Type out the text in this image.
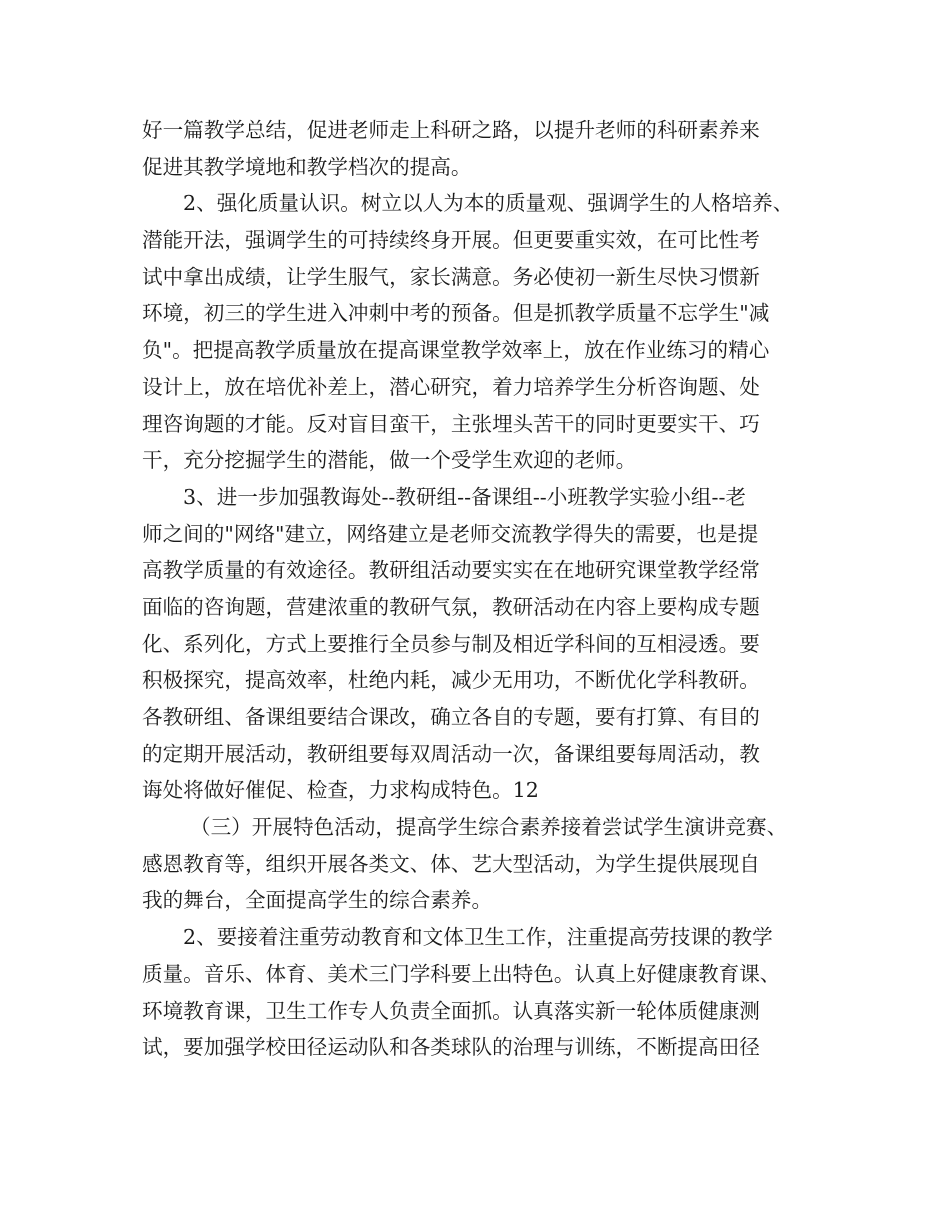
好一篇教学总结，促进老师走上科研之路，以提升老师的科研素养来
促进其教学境地和教学档次的提高。
2、强化质量认识。树立以人为本的质量观、强调学生的人格培养、
潜能开法，强调学生的可持续终身开展。但更要重实效，在可比性考
试中拿出成绩，让学生服气，家长满意。务必使初一新生尽快习惯新
环境，初三的学生进入冲刺中考的预备。但是抓教学质量不忘学生"减
负"。把提高教学质量放在提高课堂教学效率上，放在作业练习的精心
设计上，放在培优补差上，潜心研究，着力培养学生分析咨询题、处
理咨询题的才能。反对盲目蛮干，主张埋头苦干的同时更要实干、巧
干，充分挖掘学生的潜能，做一个受学生欢迎的老师。
3、进一步加强教诲处--教研组--备课组--小班教学实验小组--老
师之间的"网络"建立，网络建立是老师交流教学得失的需要，也是提
高教学质量的有效途径。教研组活动要实实在在地研究课堂教学经常
面临的咨询题，营建浓重的教研气氛，教研活动在内容上要构成专题
化、系列化，方式上要推行全员参与制及相近学科间的互相浸透。要
积极探究，提高效率，杜绝内耗，减少无用功，不断优化学科教研。
各教研组、备课组要结合课改，确立各自的专题，要有打算、有目的
的定期开展活动，教研组要每双周活动一次，备课组要每周活动，教
诲处将做好催促、检查，力求构成特色。12
（三）开展特色活动，提高学生综合素养接着尝试学生演讲竞赛、
感恩教育等，组织开展各类文、体、艺大型活动，为学生提供展现自
我的舞台，全面提高学生的综合素养。
2、要接着注重劳动教育和文体卫生工作，注重提高劳技课的教学
质量。音乐、体育、美术三门学科要上出特色。认真上好健康教育课、
环境教育课，卫生工作专人负责全面抓。认真落实新一轮体质健康测
试，要加强学校田径运动队和各类球队的治理与训练，不断提高田径
